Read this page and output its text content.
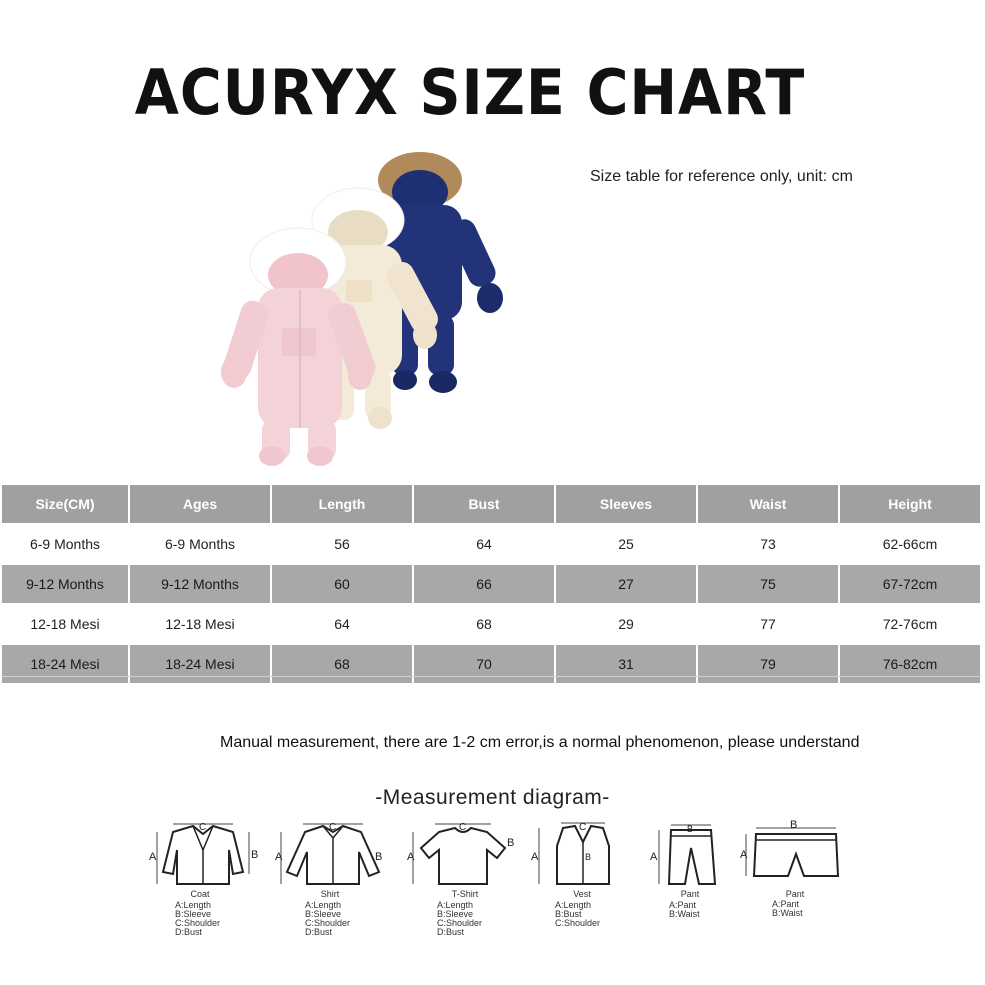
ACURYX SIZE CHART
Size table for reference only, unit: cm
Size(CM)	Ages	Length	Bust	Sleeves	Waist	Height
6-9 Months	6-9 Months	56	64	25	73	62-66cm
9-12 Months	9-12 Months	60	66	27	75	67-72cm
12-18 Mesi	12-18 Mesi	64	68	29	77	72-76cm
18-24 Mesi	18-24 Mesi	68	70	31	79	76-82cm
Manual measurement, there are 1-2 cm error,is a normal phenomenon, please understand
-Measurement diagram-
A	B
C
Coat
A:Length
B:Sleeve
C:Shoulder
D:Bust
A	B
C
Shirt
A:Length
B:Sleeve
C:Shoulder
D:Bust
A
B
C
T-Shirt
A:Length
B:Sleeve
C:Shoulder
D:Bust
A	B
C
Vest
A:Length
B:Bust
C:Shoulder
A
B
Pant
A:Pant
B:Waist
A
B
Pant
A:Pant
B:Waist
